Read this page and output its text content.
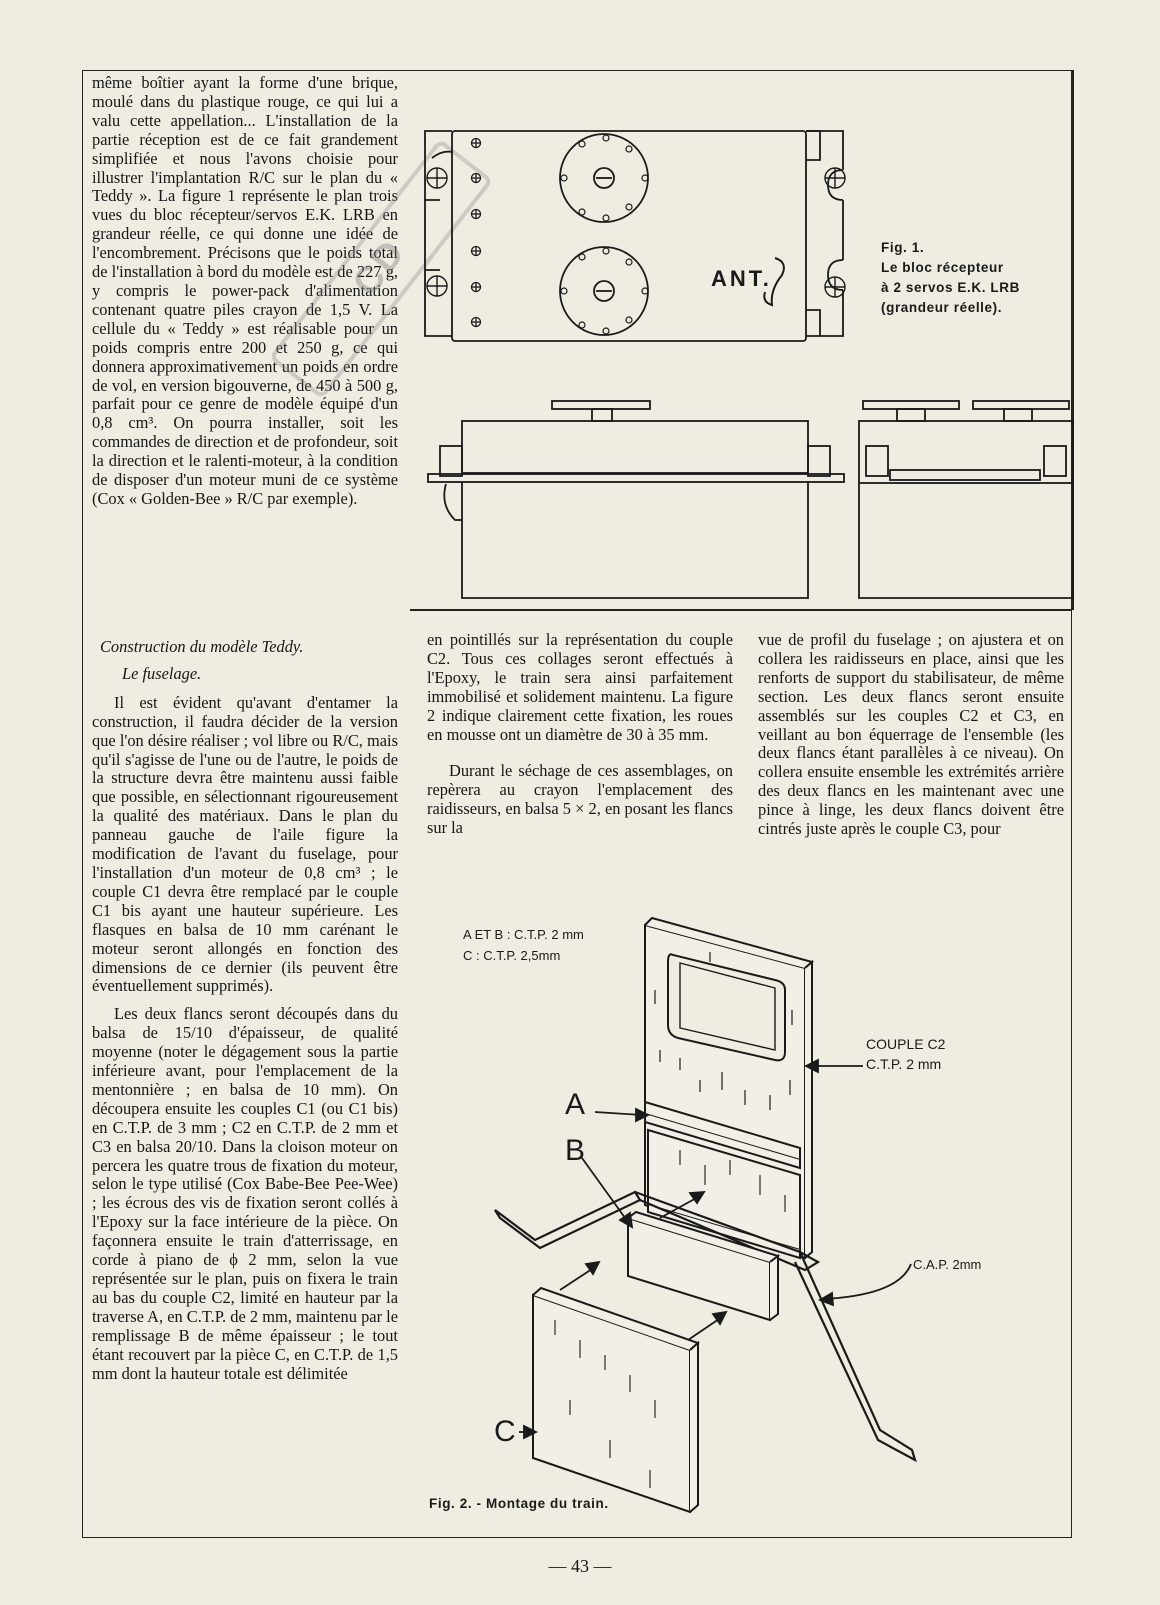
même boîtier ayant la forme d'une brique, moulé dans du plastique rouge, ce qui lui a valu cette appellation... L'installation de la partie réception est de ce fait grandement simplifiée et nous l'avons choisie pour illustrer l'implantation R/C sur le plan du « Teddy ». La figure 1 représente le plan trois vues du bloc récepteur/servos E.K. LRB en grandeur réelle, ce qui donne une idée de l'encombrement. Précisons que le poids total de l'installation à bord du modèle est de 227 g, y compris le power-pack d'alimentation contenant quatre piles crayon de 1,5 V. La cellule du « Teddy » est réalisable pour un poids compris entre 200 et 250 g, ce qui donnera approximativement un poids en ordre de vol, en version bigouverne, de 450 à 500 g, parfait pour ce genre de modèle équipé d'un 0,8 cm³. On pourra installer, soit les commandes de direction et de profondeur, soit la direction et le ralenti-moteur, à la condition de disposer d'un moteur muni de ce système (Cox « Golden-Bee » R/C par exemple).

CD	ANT.
Fig. 1.
Le bloc récepteur
à 2 servos E.K. LRB
(grandeur réelle).
Construction du modèle Teddy.
Le fuselage.

Il est évident qu'avant d'entamer la construction, il faudra décider de la version que l'on désire réaliser ; vol libre ou R/C, mais qu'il s'agisse de l'une ou de l'autre, le poids de la structure devra être maintenu aussi faible que possible, en sélectionnant rigoureusement la qualité des matériaux. Dans le plan du panneau gauche de l'aile figure la modification de l'avant du fuselage, pour l'installation d'un moteur de 0,8 cm³ ; le couple C1 devra être remplacé par le couple C1 bis ayant une hauteur supérieure. Les flasques en balsa de 10 mm carénant le moteur seront allongés en fonction des dimensions de ce dernier (ils peuvent être éventuellement supprimés).

Les deux flancs seront découpés dans du balsa de 15/10 d'épaisseur, de qualité moyenne (noter le dégagement sous la partie inférieure avant, pour l'emplacement de la mentonnière ; en balsa de 10 mm). On découpera ensuite les couples C1 (ou C1 bis) en C.T.P. de 3 mm ; C2 en C.T.P. de 2 mm et C3 en balsa 20/10. Dans la cloison moteur on percera les quatre trous de fixation du moteur, selon le type utilisé (Cox Babe-Bee Pee-Wee) ; les écrous des vis de fixation seront collés à l'Epoxy sur la face intérieure de la pièce. On façonnera ensuite le train d'atterrissage, en corde à piano de ϕ 2 mm, selon la vue représentée sur le plan, puis on fixera le train au bas du couple C2, limité en hauteur par la traverse A, en C.T.P. de 2 mm, maintenu par le remplissage B de même épaisseur ; le tout étant recouvert par la pièce C, en C.T.P. de 1,5 mm dont la hauteur totale est délimitée

en pointillés sur la représentation du couple C2. Tous ces collages seront effectués à l'Epoxy, le train sera ainsi parfaitement immobilisé et solidement maintenu. La figure 2 indique clairement cette fixation, les roues en mousse ont un diamètre de 30 à 35 mm.

Durant le séchage de ces assemblages, on repèrera au crayon l'emplacement des raidisseurs, en balsa 5 × 2, en posant les flancs sur la

vue de profil du fuselage ; on ajustera et on collera les raidisseurs en place, ainsi que les renforts de support du stabilisateur, de même section. Les deux flancs seront ensuite assemblés sur les couples C2 et C3, en veillant au bon équerrage de l'ensemble (les deux flancs étant parallèles à ce niveau). On collera ensuite ensemble les extrémités arrière des deux flancs en les maintenant avec une pince à linge, les deux flancs doivent être cintrés juste après le couple C3, pour

A ET B : C.T.P. 2 mm
C : C.T.P. 2,5mm
COUPLE C2
C.T.P. 2 mm
C.A.P. 2mm
A
B
C
Fig. 2. - Montage du train.
— 43 —
